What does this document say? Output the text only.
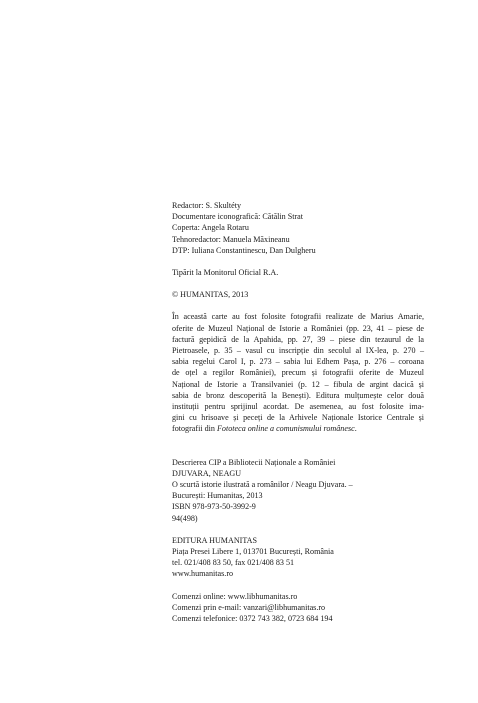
Redactor: S. Skultéty
Documentare iconografică: Cătălin Strat
Coperta: Angela Rotaru
Tehnoredactor: Manuela Măxineanu
DTP: Iuliana Constantinescu, Dan Dulgheru
Tipărit la Monitorul Oficial R.A.
© HUMANITAS, 2013
În această carte au fost folosite fotografii realizate de Marius Amarie,
oferite de Muzeul Național de Istorie a României (pp. 23, 41 – piese de
factură gepidică de la Apahida, pp. 27, 39 – piese din tezaurul de la
Pietroasele, p. 35 – vasul cu inscripție din secolul al IX-lea, p. 270 –
sabia regelui Carol I, p. 273 – sabia lui Edhem Pașa, p. 276 – coroana
de oțel a regilor României), precum și fotografii oferite de Muzeul
Național de Istorie a Transilvaniei (p. 12 – fibula de argint dacică și
sabia de bronz descoperită la Benești). Editura mulțumește celor două
instituții pentru sprijinul acordat. De asemenea, au fost folosite ima-
gini cu hrisoave și peceți de la Arhivele Naționale Istorice Centrale și
fotografii din Fototeca online a comunismului românesc.
Descrierea CIP a Bibliotecii Naționale a României
DJUVARA, NEAGU
O scurtă istorie ilustrată a românilor / Neagu Djuvara. –
București: Humanitas, 2013
ISBN 978-973-50-3992-9
94(498)
EDITURA HUMANITAS
Piața Presei Libere 1, 013701 București, România
tel. 021/408 83 50, fax 021/408 83 51
www.humanitas.ro
Comenzi online: www.libhumanitas.ro
Comenzi prin e-mail: vanzari@libhumanitas.ro
Comenzi telefonice: 0372 743 382, 0723 684 194
